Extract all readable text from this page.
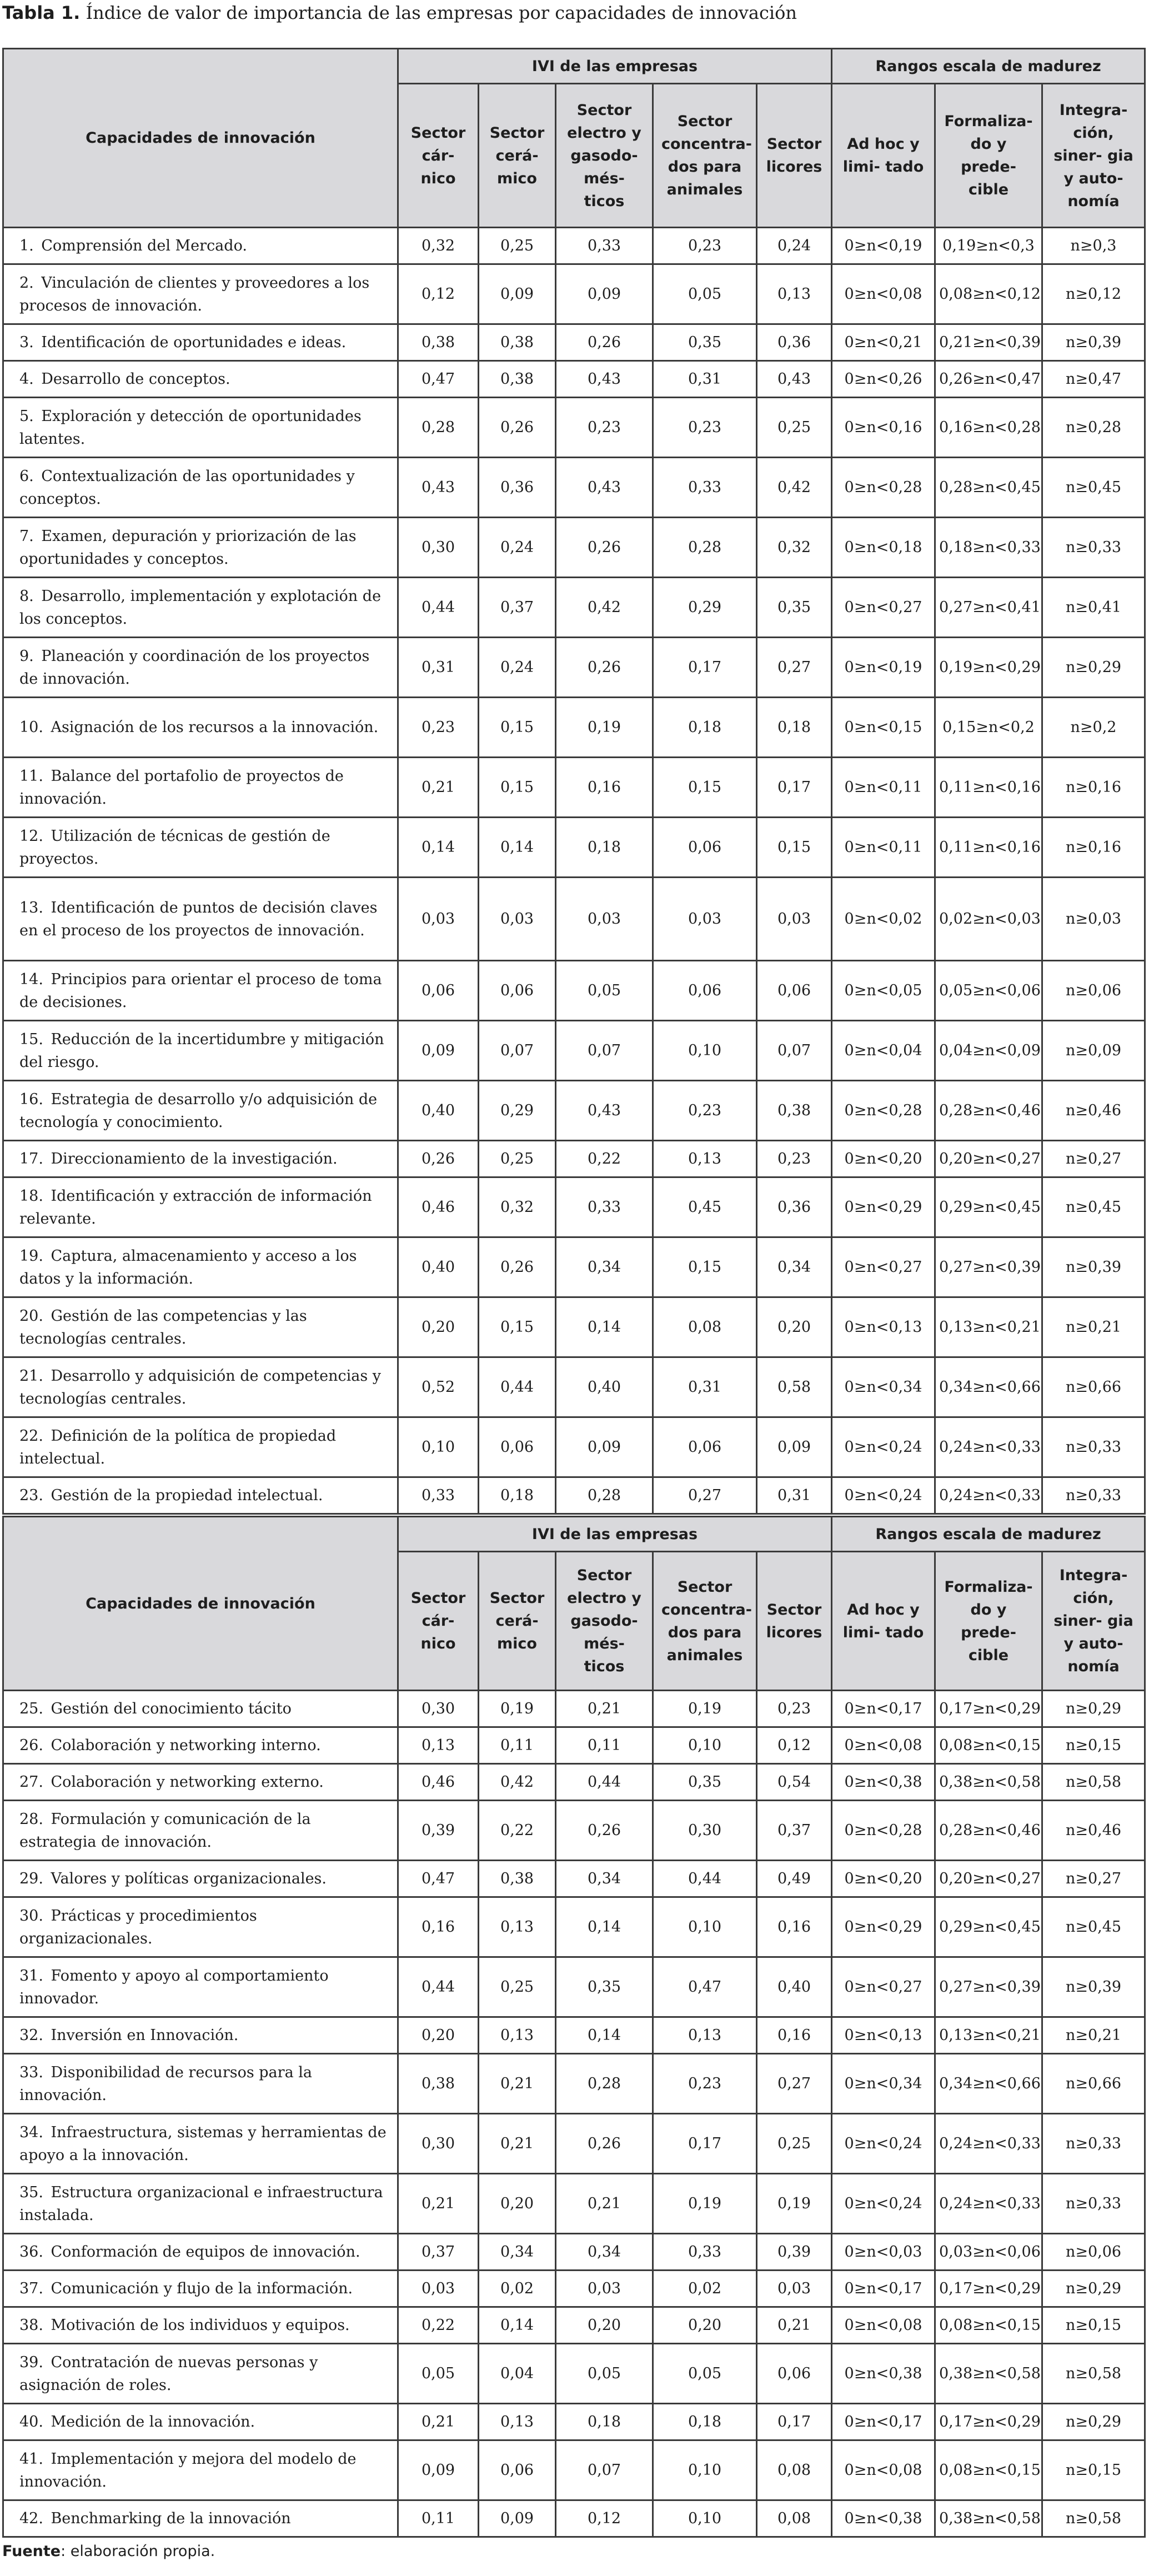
Tabla 1. Índice de valor de importancia de las empresas por capacidades de innovación
Capacidades de innovación	IVI de las empresas					Rangos escala de madurez		
	Sector cár- nico	Sector cerá- mico	Sector electro y gasodo- més- ticos	Sector concentra- dos para animales	Sector licores	Ad hoc y limi- tado	Formaliza- do y prede- cible	Integra- ción, siner- gia y auto- nomía
1. Comprensión del Mercado.	0,32	0,25	0,33	0,23	0,24	0≥n<0,19	0,19≥n<0,3	n≥0,3
2. Vinculación de clientes y proveedores a los procesos de innovación.	0,12	0,09	0,09	0,05	0,13	0≥n<0,08	0,08≥n<0,12	n≥0,12
3. Identificación de oportunidades e ideas.	0,38	0,38	0,26	0,35	0,36	0≥n<0,21	0,21≥n<0,39	n≥0,39
4. Desarrollo de conceptos.	0,47	0,38	0,43	0,31	0,43	0≥n<0,26	0,26≥n<0,47	n≥0,47
5. Exploración y detección de oportunidades latentes.	0,28	0,26	0,23	0,23	0,25	0≥n<0,16	0,16≥n<0,28	n≥0,28
6. Contextualización de las oportunidades y conceptos.	0,43	0,36	0,43	0,33	0,42	0≥n<0,28	0,28≥n<0,45	n≥0,45
7. Examen, depuración y priorización de las oportunidades y conceptos.	0,30	0,24	0,26	0,28	0,32	0≥n<0,18	0,18≥n<0,33	n≥0,33
8. Desarrollo, implementación y explotación de los conceptos.	0,44	0,37	0,42	0,29	0,35	0≥n<0,27	0,27≥n<0,41	n≥0,41
9. Planeación y coordinación de los proyectos de innovación.	0,31	0,24	0,26	0,17	0,27	0≥n<0,19	0,19≥n<0,29	n≥0,29
10. Asignación de los recursos a la innovación.	0,23	0,15	0,19	0,18	0,18	0≥n<0,15	0,15≥n<0,2	n≥0,2
11. Balance del portafolio de proyectos de innovación.	0,21	0,15	0,16	0,15	0,17	0≥n<0,11	0,11≥n<0,16	n≥0,16
12. Utilización de técnicas de gestión de proyectos.	0,14	0,14	0,18	0,06	0,15	0≥n<0,11	0,11≥n<0,16	n≥0,16
13. Identificación de puntos de decisión claves en el proceso de los proyectos de innovación.	0,03	0,03	0,03	0,03	0,03	0≥n<0,02	0,02≥n<0,03	n≥0,03
14. Principios para orientar el proceso de toma de decisiones.	0,06	0,06	0,05	0,06	0,06	0≥n<0,05	0,05≥n<0,06	n≥0,06
15. Reducción de la incertidumbre y mitigación del riesgo.	0,09	0,07	0,07	0,10	0,07	0≥n<0,04	0,04≥n<0,09	n≥0,09
16. Estrategia de desarrollo y/o adquisición de tecnología y conocimiento.	0,40	0,29	0,43	0,23	0,38	0≥n<0,28	0,28≥n<0,46	n≥0,46
17. Direccionamiento de la investigación.	0,26	0,25	0,22	0,13	0,23	0≥n<0,20	0,20≥n<0,27	n≥0,27
18. Identificación y extracción de información relevante.	0,46	0,32	0,33	0,45	0,36	0≥n<0,29	0,29≥n<0,45	n≥0,45
19. Captura, almacenamiento y acceso a los datos y la información.	0,40	0,26	0,34	0,15	0,34	0≥n<0,27	0,27≥n<0,39	n≥0,39
20. Gestión de las competencias y las tecnologías centrales.	0,20	0,15	0,14	0,08	0,20	0≥n<0,13	0,13≥n<0,21	n≥0,21
21. Desarrollo y adquisición de competencias y tecnologías centrales.	0,52	0,44	0,40	0,31	0,58	0≥n<0,34	0,34≥n<0,66	n≥0,66
22. Definición de la política de propiedad intelectual.	0,10	0,06	0,09	0,06	0,09	0≥n<0,24	0,24≥n<0,33	n≥0,33
23. Gestión de la propiedad intelectual.	0,33	0,18	0,28	0,27	0,31	0≥n<0,24	0,24≥n<0,33	n≥0,33
Capacidades de innovación	IVI de las empresas					Rangos escala de madurez		
	Sector cár- nico	Sector cerá- mico	Sector electro y gasodo- més- ticos	Sector concentra- dos para animales	Sector licores	Ad hoc y limi- tado	Formaliza- do y prede- cible	Integra- ción, siner- gia y auto- nomía
25. Gestión del conocimiento tácito	0,30	0,19	0,21	0,19	0,23	0≥n<0,17	0,17≥n<0,29	n≥0,29
26. Colaboración y networking interno.	0,13	0,11	0,11	0,10	0,12	0≥n<0,08	0,08≥n<0,15	n≥0,15
27. Colaboración y networking externo.	0,46	0,42	0,44	0,35	0,54	0≥n<0,38	0,38≥n<0,58	n≥0,58
28. Formulación y comunicación de la estrategia de innovación.	0,39	0,22	0,26	0,30	0,37	0≥n<0,28	0,28≥n<0,46	n≥0,46
29. Valores y políticas organizacionales.	0,47	0,38	0,34	0,44	0,49	0≥n<0,20	0,20≥n<0,27	n≥0,27
30. Prácticas y procedimientos organizacionales.	0,16	0,13	0,14	0,10	0,16	0≥n<0,29	0,29≥n<0,45	n≥0,45
31. Fomento y apoyo al comportamiento innovador.	0,44	0,25	0,35	0,47	0,40	0≥n<0,27	0,27≥n<0,39	n≥0,39
32. Inversión en Innovación.	0,20	0,13	0,14	0,13	0,16	0≥n<0,13	0,13≥n<0,21	n≥0,21
33. Disponibilidad de recursos para la innovación.	0,38	0,21	0,28	0,23	0,27	0≥n<0,34	0,34≥n<0,66	n≥0,66
34. Infraestructura, sistemas y herramientas de apoyo a la innovación.	0,30	0,21	0,26	0,17	0,25	0≥n<0,24	0,24≥n<0,33	n≥0,33
35. Estructura organizacional e infraestructura instalada.	0,21	0,20	0,21	0,19	0,19	0≥n<0,24	0,24≥n<0,33	n≥0,33
36. Conformación de equipos de innovación.	0,37	0,34	0,34	0,33	0,39	0≥n<0,03	0,03≥n<0,06	n≥0,06
37. Comunicación y flujo de la información.	0,03	0,02	0,03	0,02	0,03	0≥n<0,17	0,17≥n<0,29	n≥0,29
38. Motivación de los individuos y equipos.	0,22	0,14	0,20	0,20	0,21	0≥n<0,08	0,08≥n<0,15	n≥0,15
39. Contratación de nuevas personas y asignación de roles.	0,05	0,04	0,05	0,05	0,06	0≥n<0,38	0,38≥n<0,58	n≥0,58
40. Medición de la innovación.	0,21	0,13	0,18	0,18	0,17	0≥n<0,17	0,17≥n<0,29	n≥0,29
41. Implementación y mejora del modelo de innovación.	0,09	0,06	0,07	0,10	0,08	0≥n<0,08	0,08≥n<0,15	n≥0,15
42. Benchmarking de la innovación	0,11	0,09	0,12	0,10	0,08	0≥n<0,38	0,38≥n<0,58	n≥0,58
Fuente: elaboración propia.
